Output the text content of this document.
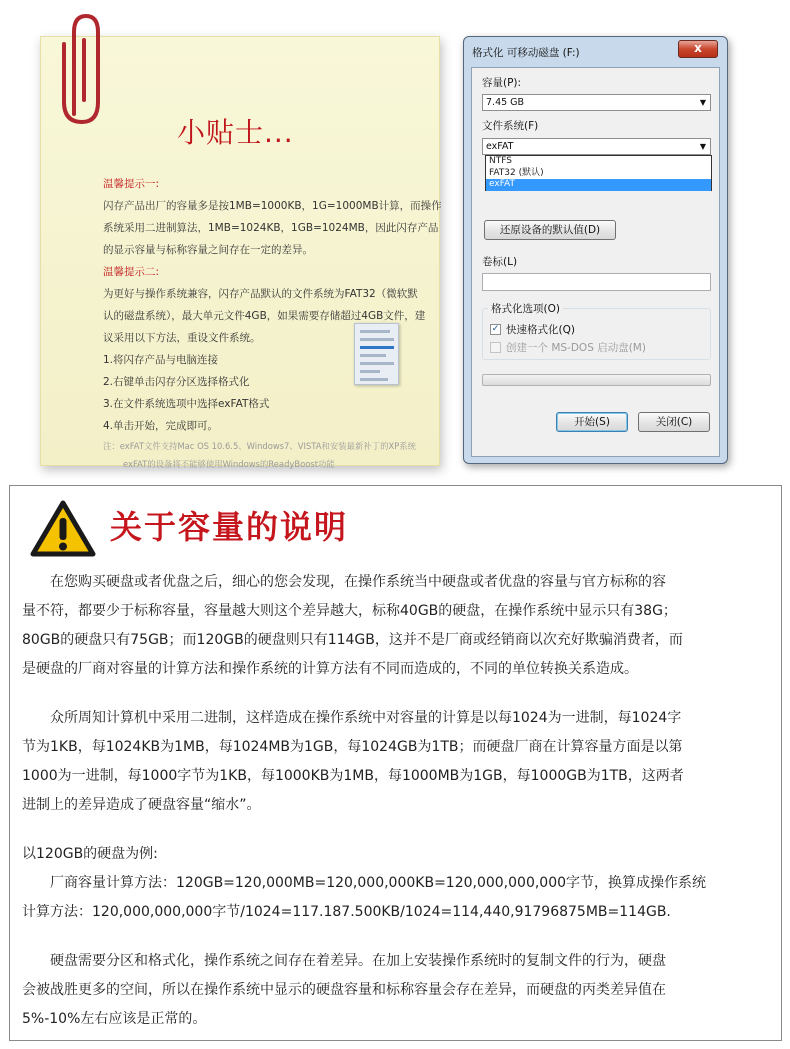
小贴士...
温馨提示一:
闪存产品出厂的容量多是按1MB=1000KB，1G=1000MB计算，而操作
系统采用二进制算法，1MB=1024KB，1GB=1024MB，因此闪存产品
的显示容量与标称容量之间存在一定的差异。
温馨提示二:
为更好与操作系统兼容，闪存产品默认的文件系统为FAT32（微软默
认的磁盘系统），最大单元文件4GB，如果需要存储超过4GB文件，建
议采用以下方法，重设文件系统。
1.将闪存产品与电脑连接
2.右键单击闪存分区选择格式化
3.在文件系统选项中选择exFAT格式
4.单击开始，完成即可。
注：exFAT文件支持Mac OS 10.6.5、Windows7、VISTA和安装最新补丁的XP系统
exFAT的设备将不能够使用Windows的ReadyBoost功能
格式化 可移动磁盘 (F:)	x
容量(P):
7.45 GB	▼
文件系统(F)
exFAT	▼
NTFS
FAT32 (默认)
exFAT
还原设备的默认值(D)
卷标(L)
格式化选项(O)
✓ 快速格式化(Q)
创建一个 MS-DOS 启动盘(M)
开始(S)	关闭(C)
关于容量的说明

　　在您购买硬盘或者优盘之后，细心的您会发现，在操作系统当中硬盘或者优盘的容量与官方标称的容
量不符，都要少于标称容量，容量越大则这个差异越大，标称40GB的硬盘，在操作系统中显示只有38G；
80GB的硬盘只有75GB；而120GB的硬盘则只有114GB，这并不是厂商或经销商以次充好欺骗消费者，而
是硬盘的厂商对容量的计算方法和操作系统的计算方法有不同而造成的，不同的单位转换关系造成。

　　众所周知计算机中采用二进制，这样造成在操作系统中对容量的计算是以每1024为一进制，每1024字
节为1KB，每1024KB为1MB，每1024MB为1GB，每1024GB为1TB；而硬盘厂商在计算容量方面是以第
1000为一进制，每1000字节为1KB，每1000KB为1MB，每1000MB为1GB，每1000GB为1TB，这两者
进制上的差异造成了硬盘容量“缩水”。

以120GB的硬盘为例:
　　厂商容量计算方法：120GB=120,000MB=120,000,000KB=120,000,000,000字节，换算成操作系统
计算方法：120,000,000,000字节/1024=117.187.500KB/1024=114,440,91796875MB=114GB.

　　硬盘需要分区和格式化，操作系统之间存在着差异。在加上安装操作系统时的复制文件的行为，硬盘
会被战胜更多的空间，所以在操作系统中显示的硬盘容量和标称容量会存在差异，而硬盘的丙类差异值在
5%-10%左右应该是正常的。
